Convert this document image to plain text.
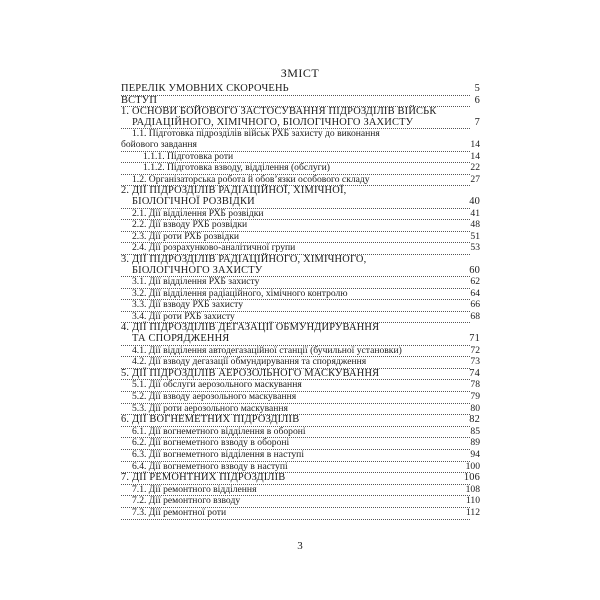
ЗМІСТ
ПЕРЕЛІК УМОВНИХ СКОРОЧЕНЬ	5
ВСТУП	6
1. ОСНОВИ БОЙОВОГО ЗАСТОСУВАННЯ ПІДРОЗДІЛІВ ВІЙСЬК
РАДІАЦІЙНОГО, ХІМІЧНОГО, БІОЛОГІЧНОГО ЗАХИСТУ	7
1.1. Підготовка підрозділів військ РХБ захисту до виконання
бойового завдання	14
1.1.1. Підготовка роти	14
1.1.2. Підготовка взводу, відділення (обслуги)	22
1.2. Організаторська робота й обов’язки особового складу	27
2. ДІЇ ПІДРОЗДІЛІВ РАДІАЦІЙНОЇ, ХІМІЧНОЇ,
БІОЛОГІЧНОЇ РОЗВІДКИ	40
2.1. Дії відділення РХБ розвідки	41
2.2. Дії взводу РХБ розвідки	48
2.3. Дії роти РХБ розвідки	51
2.4. Дії розрахунково-аналітичної групи	53
3. ДІЇ ПІДРОЗДІЛІВ РАДІАЦІЙНОГО, ХІМІЧНОГО,
БІОЛОГІЧНОГО ЗАХИСТУ	60
3.1. Дії відділення РХБ захисту	62
3.2. Дії відділення радіаційного, хімічного контролю	64
3.3. Дії взводу РХБ захисту	66
3.4. Дії роти РХБ захисту	68
4. ДІЇ ПІДРОЗДІЛІВ ДЕГАЗАЦІЇ ОБМУНДИРУВАННЯ
ТА СПОРЯДЖЕННЯ	71
4.1. Дії відділення автодегазаційної станції (бучильної установки)	72
4.2. Дії взводу дегазації обмундирування та спорядження	73
5. ДІЇ ПІДРОЗДІЛІВ АЕРОЗОЛЬНОГО МАСКУВАННЯ	74
5.1. Дії обслуги аерозольного маскування	78
5.2. Дії взводу аерозольного маскування	79
5.3. Дії роти аерозольного маскування	80
6. ДІЇ ВОГНЕМЕТНИХ ПІДРОЗДІЛІВ	82
6.1. Дії вогнеметного відділення в обороні	85
6.2. Дії вогнеметного взводу в обороні	89
6.3. Дії вогнеметного відділення в наступі	94
6.4. Дії вогнеметного взводу в наступі	100
7. ДІЇ РЕМОНТНИХ ПІДРОЗДІЛІВ	106
7.1. Дії ремонтного відділення	108
7.2. Дії ремонтного взводу	110
7.3. Дії ремонтної роти	112
3
